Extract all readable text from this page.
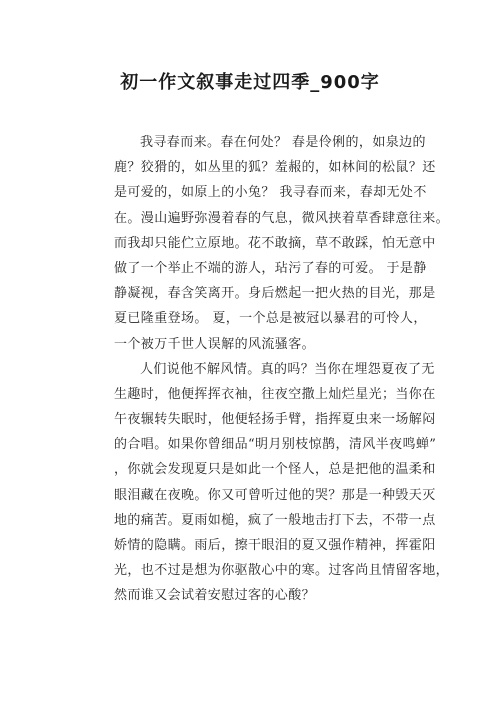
初一作文叙事走过四季_900字
我寻春而来。春在何处？ 春是伶俐的，如泉边的
鹿？狡猾的，如丛里的狐？羞赧的，如林间的松鼠？还
是可爱的，如原上的小兔？ 我寻春而来，春却无处不
在。漫山遍野弥漫着春的气息，微风挟着草香肆意往来。
而我却只能伫立原地。花不敢摘，草不敢踩，怕无意中
做了一个举止不端的游人，玷污了春的可爱。 于是静
静凝视，春含笑离开。身后燃起一把火热的目光，那是
夏已隆重登场。 夏，一个总是被冠以暴君的可怜人，
一个被万千世人误解的风流骚客。
人们说他不解风情。真的吗？当你在埋怨夏夜了无
生趣时，他便挥挥衣袖，往夜空撒上灿烂星光；当你在
午夜辗转失眠时，他便轻扬手臂，指挥夏虫来一场解闷
的合唱。如果你曾细品“明月别枝惊鹊，清风半夜鸣蝉”
，你就会发现夏只是如此一个怪人，总是把他的温柔和
眼泪藏在夜晚。你又可曾听过他的哭？那是一种毁天灭
地的痛苦。夏雨如槌，疯了一般地击打下去，不带一点
娇情的隐瞒。雨后，擦干眼泪的夏又强作精神，挥霍阳
光，也不过是想为你驱散心中的寒。过客尚且情留客地，
然而谁又会试着安慰过客的心酸？
